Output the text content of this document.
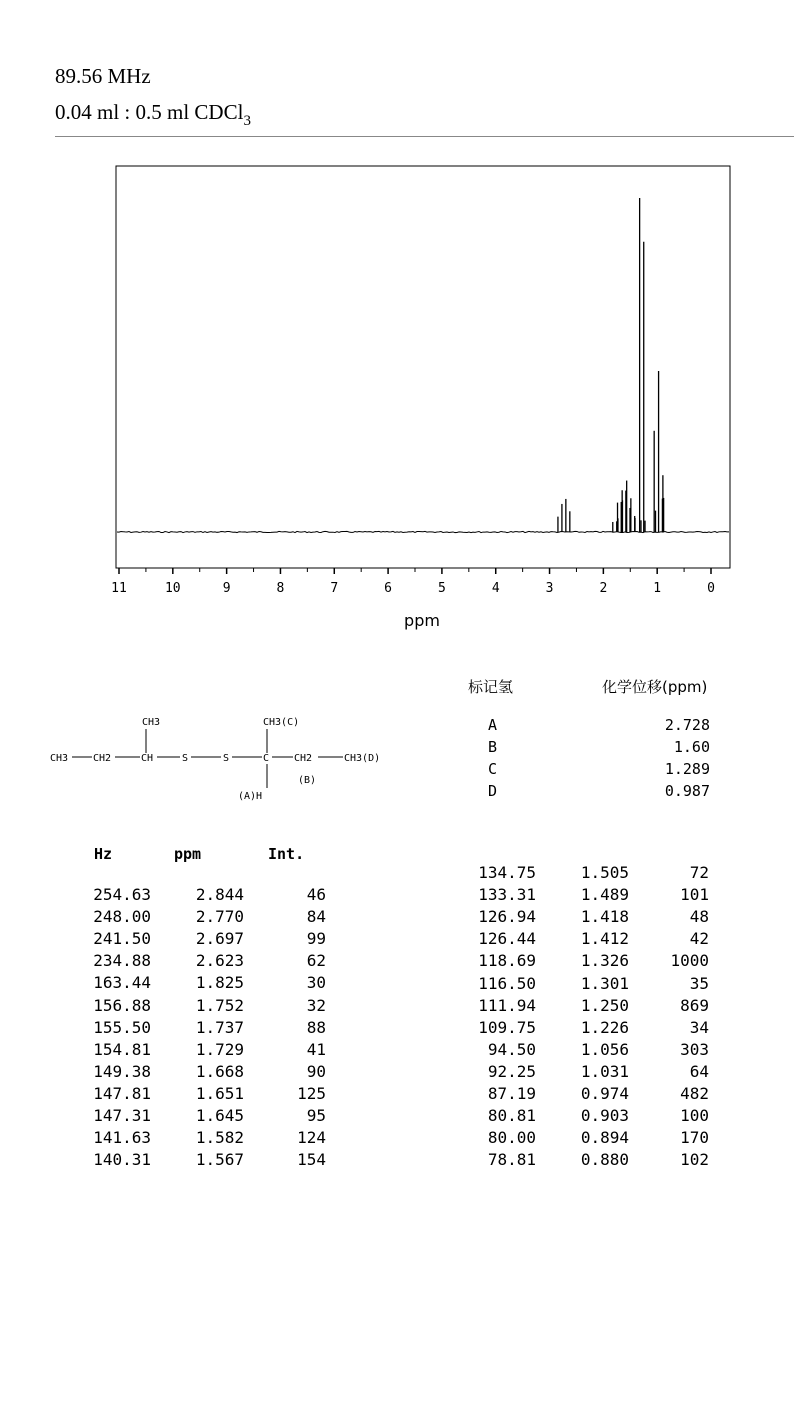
89.56 MHz
0.04 ml : 0.5 ml CDCl$_3$
11	10	9	8	7	6	5	4	3	2	1	0
ppm
标记氢	化学位移(ppm)
A	2.728
B	1.60
C	1.289
D	0.987
CH3	CH3(C)
CH3 CH2	CH	S	S	C CH2	CH3(D)
(B)
(A)H
Hz	ppm	Int.
254.63	2.844	46
248.00	2.770	84
241.50	2.697	99
234.88	2.623	62
163.44	1.825	30
156.88	1.752	32
155.50	1.737	88
154.81	1.729	41
149.38	1.668	90
147.81	1.651	125
147.31	1.645	95
141.63	1.582	124
140.31	1.567	154
134.75	1.505	72
133.31	1.489	101
126.94	1.418	48
126.44	1.412	42
118.69	1.326	1000
116.50	1.301	35
111.94	1.250	869
109.75	1.226	34
94.50	1.056	303
92.25	1.031	64
87.19	0.974	482
80.81	0.903	100
80.00	0.894	170
78.81	0.880	102
